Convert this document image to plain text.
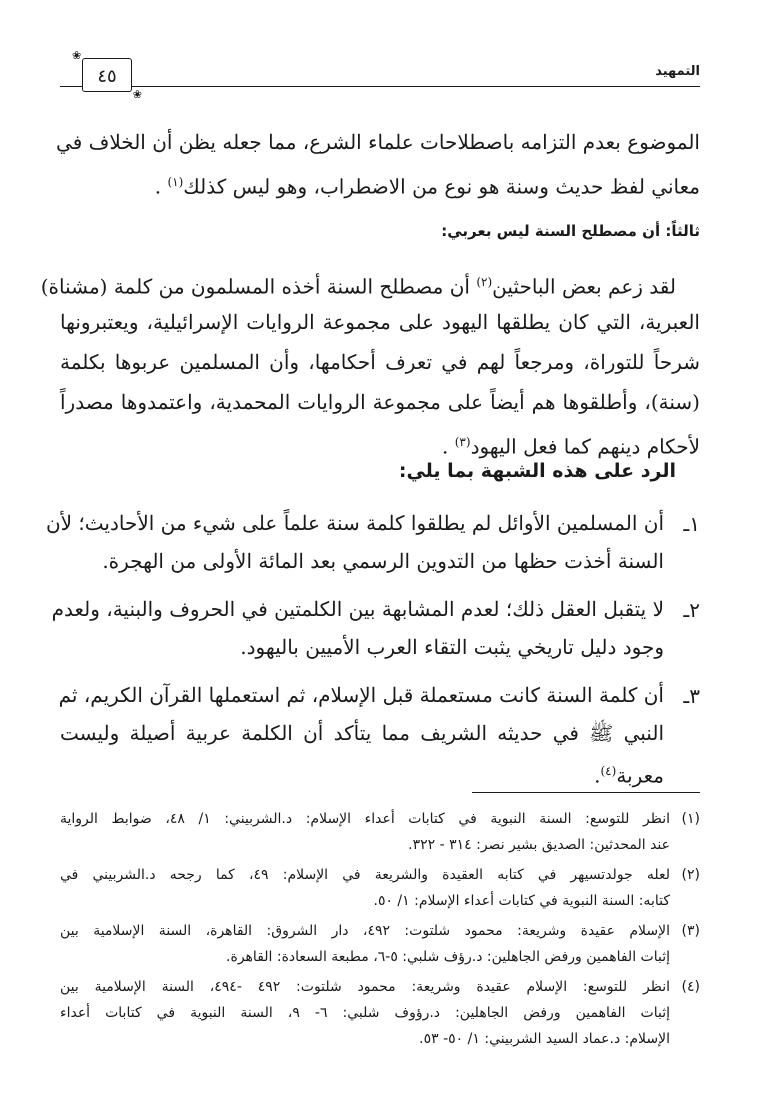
التمهيد
❀
❀
٤٥
الموضوع بعدم التزامه باصطلاحات علماء الشرع، مما جعله يظن أن الخلاف في
معاني لفظ حديث وسنة هو نوع من الاضطراب، وهو ليس كذلك$^{(١)}$ .
ثالثاً: أن مصطلح السنة ليس بعربي:
لقد زعم بعض الباحثين$^{(٢)}$ أن مصطلح السنة أخذه المسلمون من كلمة (مشناة)
العبرية، التي كان يطلقها اليهود على مجموعة الروايات الإسرائيلية، ويعتبرونها
شرحاً للتوراة، ومرجعاً لهم في تعرف أحكامها، وأن المسلمين عربوها بكلمة
(سنة)، وأطلقوها هم أيضاً على مجموعة الروايات المحمدية، واعتمدوها مصدراً
لأحكام دينهم كما فعل اليهود$^{(٣)}$ .
الرد على هذه الشبهة بما يلي:
١ـ
أن المسلمين الأوائل لم يطلقوا كلمة سنة علماً على شيء من الأحاديث؛ لأن
السنة أخذت حظها من التدوين الرسمي بعد المائة الأولى من الهجرة.
٢ـ
لا يتقبل العقل ذلك؛ لعدم المشابهة بين الكلمتين في الحروف والبنية، ولعدم
وجود دليل تاريخي يثبت التقاء العرب الأميين باليهود.
٣ـ
أن كلمة السنة كانت مستعملة قبل الإسلام، ثم استعملها القرآن الكريم، ثم
النبي ﷺ في حديثه الشريف مما يتأكد أن الكلمة عربية أصيلة وليست
معربة$^{(٤)}$.
(١)
انظر للتوسع: السنة النبوية في كتابات أعداء الإسلام: د.الشربيني: ١/ ٤٨، ضوابط الرواية
عند المحدثين: الصديق بشير نصر: ٣١٤ - ٣٢٢.
(٢)
لعله جولدتسيهر في كتابه العقيدة والشريعة في الإسلام: ٤٩، كما رجحه د.الشربيني في
كتابه: السنة النبوية في كتابات أعداء الإسلام: ١/ ٥٠.
(٣)
الإسلام عقيدة وشريعة: محمود شلتوت: ٤٩٢، دار الشروق: القاهرة، السنة الإسلامية بين
إثبات الفاهمين ورفض الجاهلين: د.رؤف شلبي: ٥-٦، مطبعة السعادة: القاهرة.
(٤)
انظر للتوسع: الإسلام عقيدة وشريعة: محمود شلتوت: ٤٩٢ -٤٩٤، السنة الإسلامية بين
إثبات الفاهمين ورفض الجاهلين: د.رؤوف شلبي: ٦- ٩، السنة النبوية في كتابات أعداء
الإسلام: د.عماد السيد الشربيني: ١/ ٥٠- ٥٣.
